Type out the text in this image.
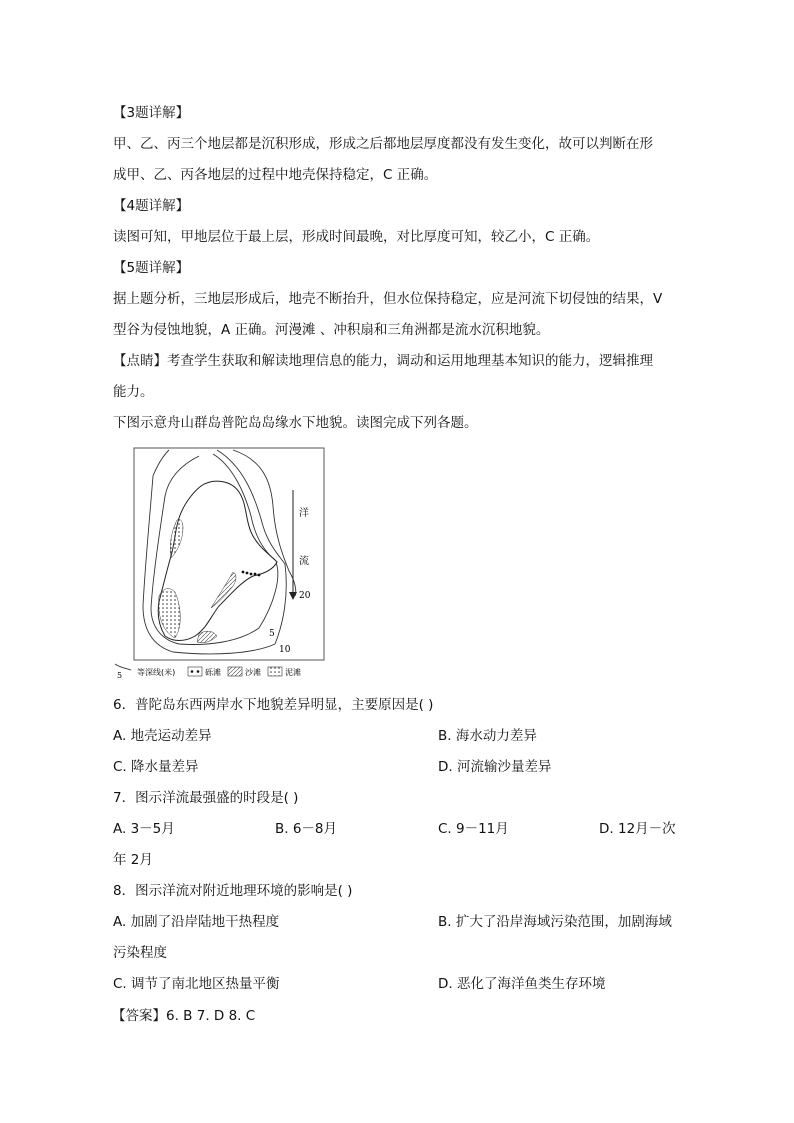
【3题详解】
甲、乙、丙三个地层都是沉积形成，形成之后都地层厚度都没有发生变化，故可以判断在形
成甲、乙、丙各地层的过程中地壳保持稳定，C 正确。
【4题详解】
读图可知，甲地层位于最上层，形成时间最晚，对比厚度可知，较乙小，C 正确。
【5题详解】
据上题分析，三地层形成后，地壳不断抬升，但水位保持稳定，应是河流下切侵蚀的结果，V
型谷为侵蚀地貌，A 正确。河漫滩 、冲积扇和三角洲都是流水沉积地貌。
【点睛】考查学生获取和解读地理信息的能力，调动和运用地理基本知识的能力，逻辑推理
能力。
下图示意舟山群岛普陀岛岛缘水下地貌。读图完成下列各题。
洋
流
20
5
10
5 等深线(米)	砾滩	沙滩	泥滩
6．普陀岛东西两岸水下地貌差异明显，主要原因是( )
A. 地壳运动差异	B. 海水动力差异
C. 降水量差异	D. 河流输沙量差异
7．图示洋流最强盛的时段是( )
A. 3－5月	B. 6－8月	C. 9－11月	D. 12月－次
年 2月
8．图示洋流对附近地理环境的影响是( )
A. 加剧了沿岸陆地干热程度	B. 扩大了沿岸海域污染范围，加剧海域
污染程度
C. 调节了南北地区热量平衡	D. 恶化了海洋鱼类生存环境
【答案】6. B 7. D 8. C
